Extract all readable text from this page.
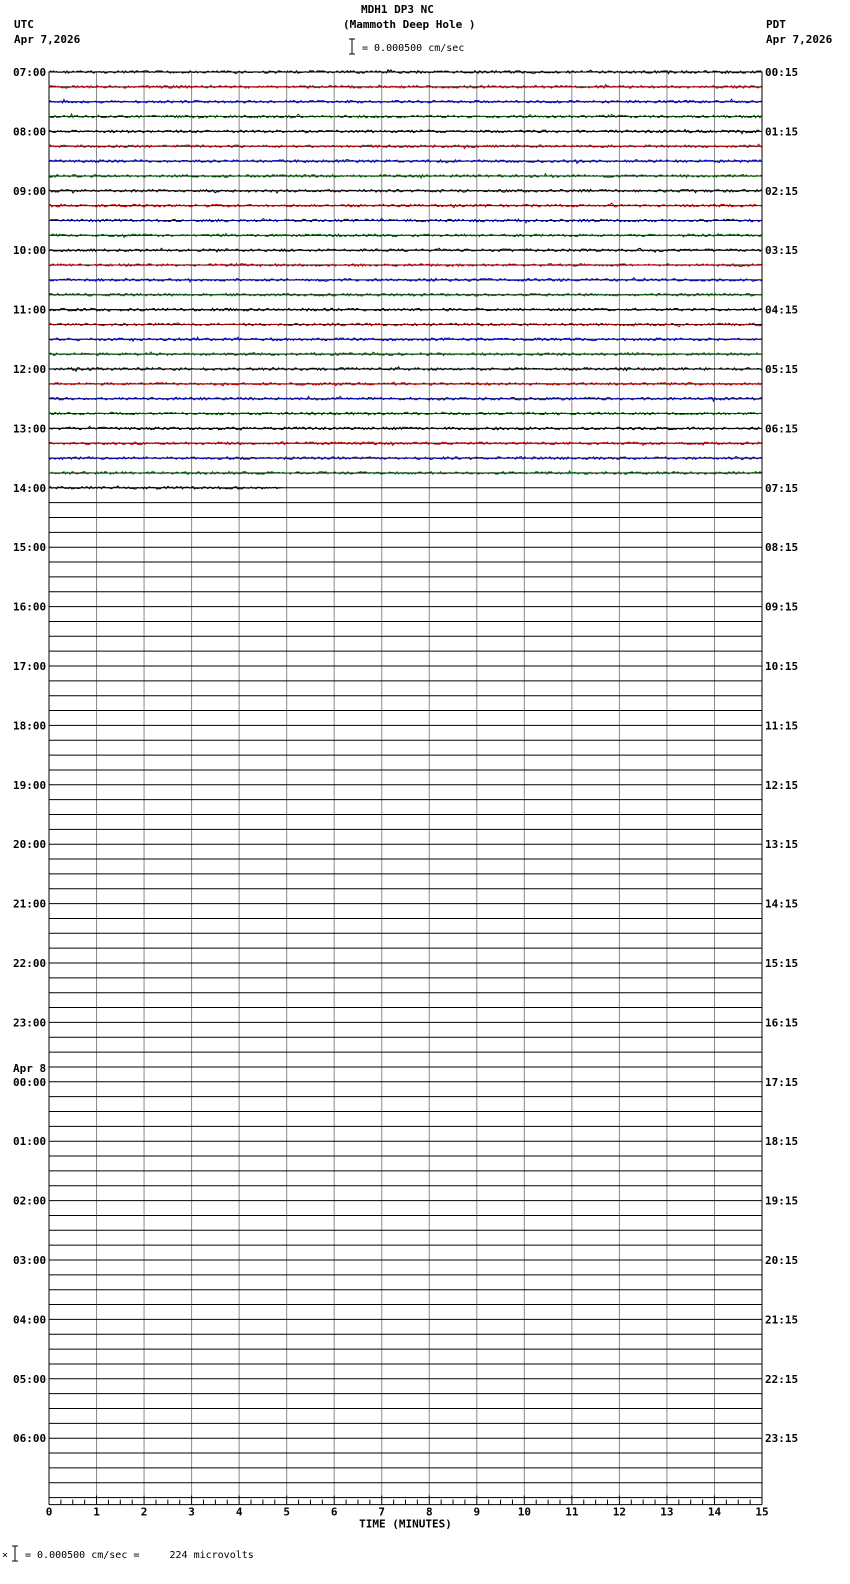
MDH1 DP3 NC
(Mammoth Deep Hole )
UTC
Apr 7,2026
PDT
Apr 7,2026
= 0.000500 cm/sec
07:00	00:15
08:00	01:15
09:00	02:15
10:00	03:15
11:00	04:15
12:00	05:15
13:00	06:15
14:00	07:15
15:00	08:15
16:00	09:15
17:00	10:15
18:00	11:15
19:00	12:15
20:00	13:15
21:00	14:15
22:00	15:15
23:00	16:15
00:00	17:15
Apr 8
01:00	18:15
02:00	19:15
03:00	20:15
04:00	21:15
05:00	22:15
06:00	23:15
0	1	2	3	4	5	6	7	8	9	10	11	12	13	14	15
TIME (MINUTES)
× = 0.000500 cm/sec =     224 microvolts
